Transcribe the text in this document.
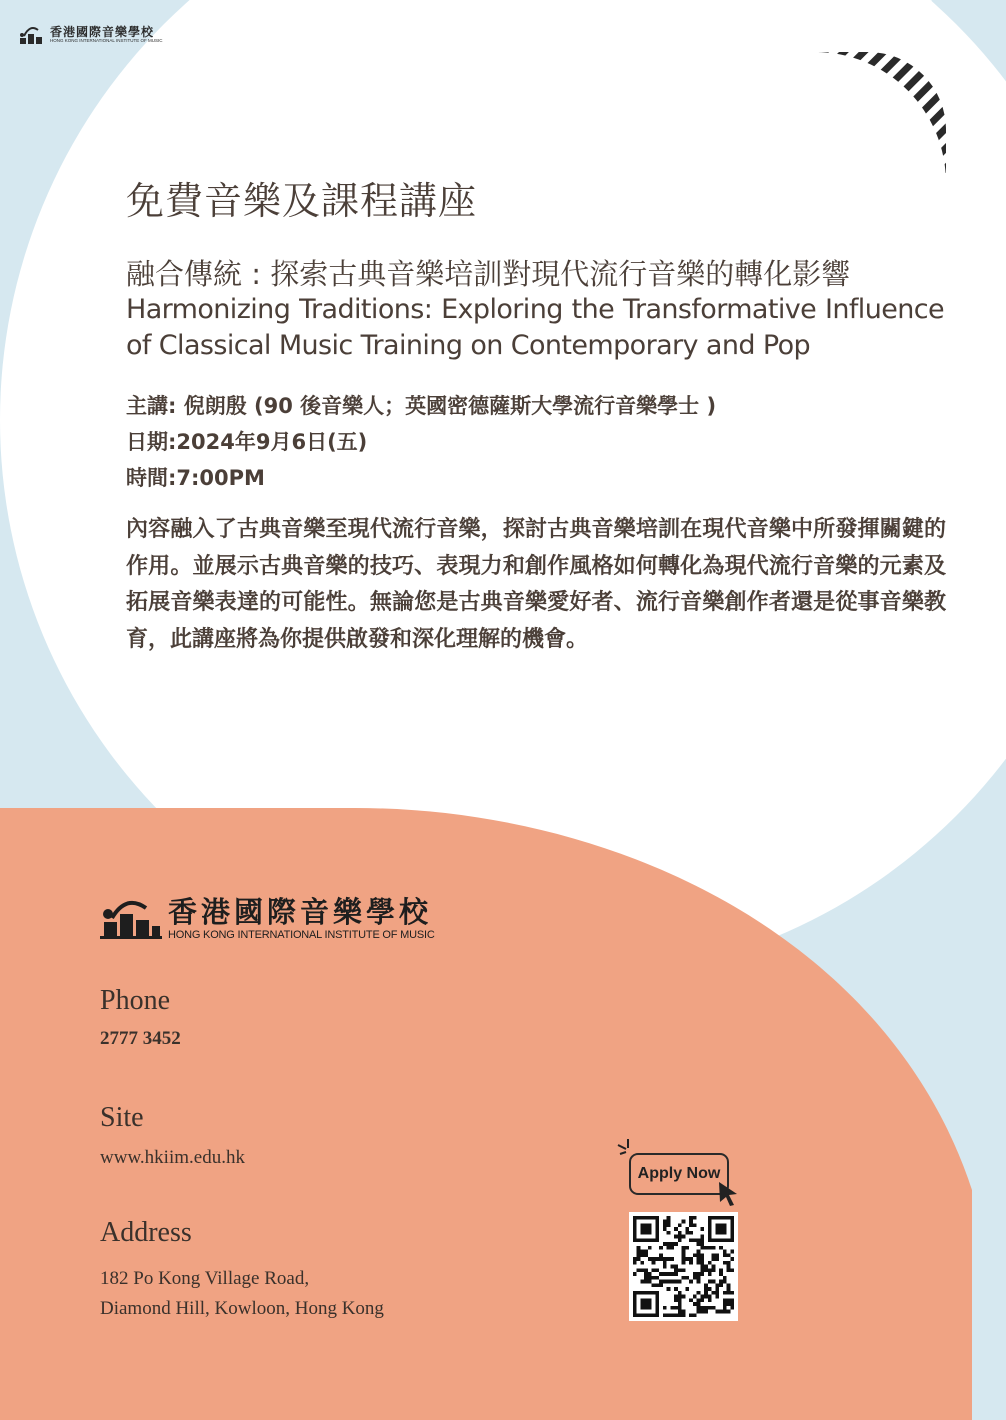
香港國際音樂學校
HONG KONG INTERNATIONAL INSTITUTE OF MUSIC
免費音樂及課程講座
融合傳統 : 探索古典音樂培訓對現代流行音樂的轉化影響
Harmonizing Traditions: Exploring the Transformative Influence of Classical Music Training on Contemporary and Pop
主講: 倪朗殷 (90 後音樂人；英國密德薩斯大學流行音樂學士 )
日期:2024年9月6日(五)
時間:7:00PM
內容融入了古典音樂至現代流行音樂，探討古典音樂培訓在現代音樂中所發揮關鍵的作用。並展示古典音樂的技巧、表現力和創作風格如何轉化為現代流行音樂的元素及拓展音樂表達的可能性。無論您是古典音樂愛好者、流行音樂創作者還是從事音樂教育，此講座將為你提供啟發和深化理解的機會。
香港國際音樂學校
HONG KONG INTERNATIONAL INSTITUTE OF MUSIC
Phone
2777 3452
Site
www.hkiim.edu.hk
Address
182 Po Kong Village Road,
Diamond Hill, Kowloon, Hong Kong
Apply Now
